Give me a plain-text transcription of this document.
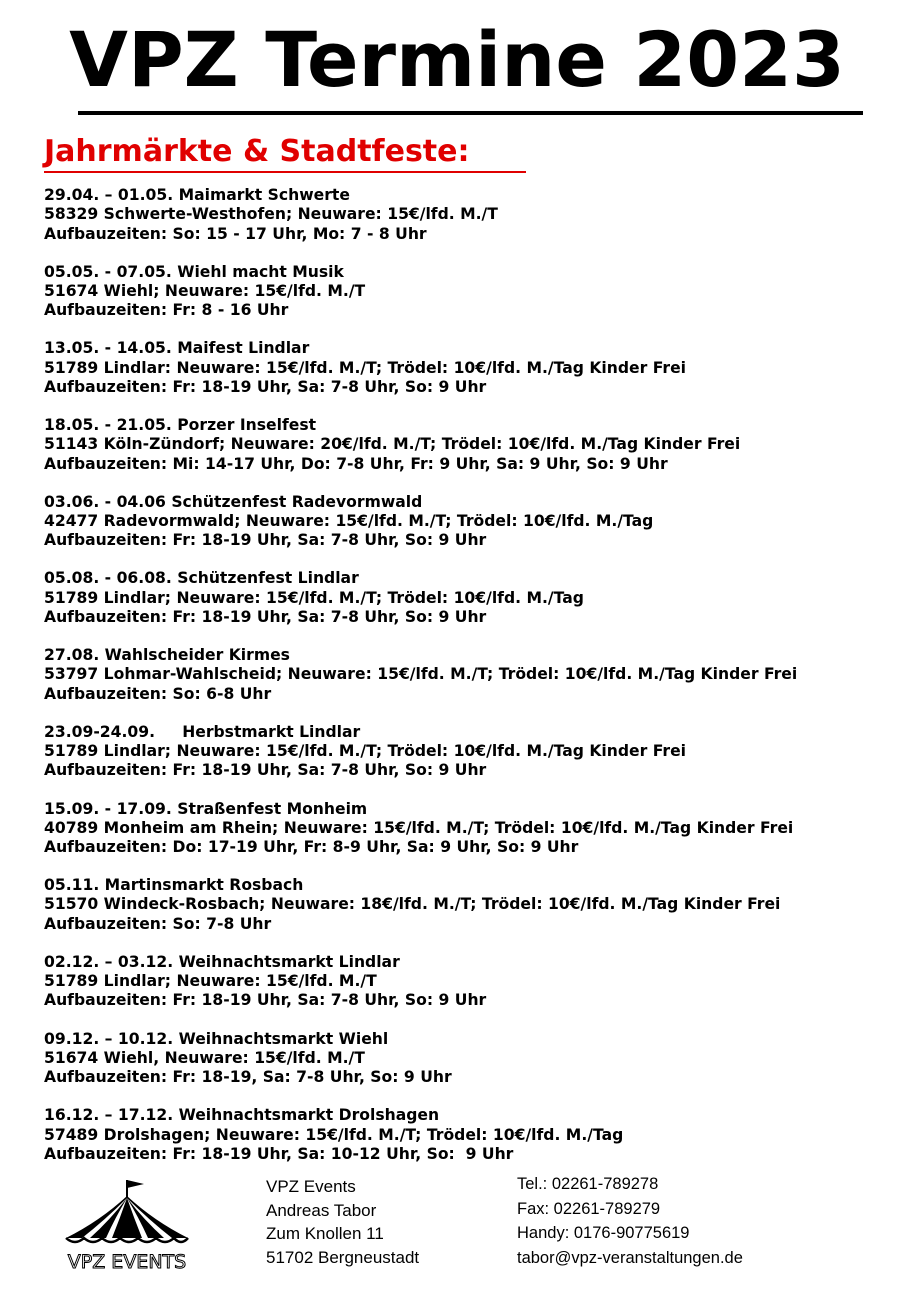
VPZ Termine 2023
Jahrmärkte & Stadtfeste:
29.04. – 01.05. Maimarkt Schwerte
58329 Schwerte-Westhofen; Neuware: 15€/lfd. M./T
Aufbauzeiten: So: 15 - 17 Uhr, Mo: 7 - 8 Uhr
05.05. - 07.05. Wiehl macht Musik
51674 Wiehl; Neuware: 15€/lfd. M./T
Aufbauzeiten: Fr: 8 - 16 Uhr
13.05. - 14.05. Maifest Lindlar
51789 Lindlar: Neuware: 15€/lfd. M./T; Trödel: 10€/lfd. M./Tag Kinder Frei
Aufbauzeiten: Fr: 18-19 Uhr, Sa: 7-8 Uhr, So: 9 Uhr
18.05. - 21.05. Porzer Inselfest
51143 Köln-Zündorf; Neuware: 20€/lfd. M./T; Trödel: 10€/lfd. M./Tag Kinder Frei
Aufbauzeiten: Mi: 14-17 Uhr, Do: 7-8 Uhr, Fr: 9 Uhr, Sa: 9 Uhr, So: 9 Uhr
03.06. - 04.06 Schützenfest Radevormwald
42477 Radevormwald; Neuware: 15€/lfd. M./T; Trödel: 10€/lfd. M./Tag
Aufbauzeiten: Fr: 18-19 Uhr, Sa: 7-8 Uhr, So: 9 Uhr
05.08. - 06.08. Schützenfest Lindlar
51789 Lindlar; Neuware: 15€/lfd. M./T; Trödel: 10€/lfd. M./Tag
Aufbauzeiten: Fr: 18-19 Uhr, Sa: 7-8 Uhr, So: 9 Uhr
27.08. Wahlscheider Kirmes
53797 Lohmar-Wahlscheid; Neuware: 15€/lfd. M./T; Trödel: 10€/lfd. M./Tag Kinder Frei
Aufbauzeiten: So: 6-8 Uhr
23.09-24.09.     Herbstmarkt Lindlar
51789 Lindlar; Neuware: 15€/lfd. M./T; Trödel: 10€/lfd. M./Tag Kinder Frei
Aufbauzeiten: Fr: 18-19 Uhr, Sa: 7-8 Uhr, So: 9 Uhr
15.09. - 17.09. Straßenfest Monheim
40789 Monheim am Rhein; Neuware: 15€/lfd. M./T; Trödel: 10€/lfd. M./Tag Kinder Frei
Aufbauzeiten: Do: 17-19 Uhr, Fr: 8-9 Uhr, Sa: 9 Uhr, So: 9 Uhr
05.11. Martinsmarkt Rosbach
51570 Windeck-Rosbach; Neuware: 18€/lfd. M./T; Trödel: 10€/lfd. M./Tag Kinder Frei
Aufbauzeiten: So: 7-8 Uhr
02.12. – 03.12. Weihnachtsmarkt Lindlar
51789 Lindlar; Neuware: 15€/lfd. M./T
Aufbauzeiten: Fr: 18-19 Uhr, Sa: 7-8 Uhr, So: 9 Uhr
09.12. – 10.12. Weihnachtsmarkt Wiehl
51674 Wiehl, Neuware: 15€/lfd. M./T
Aufbauzeiten: Fr: 18-19, Sa: 7-8 Uhr, So: 9 Uhr
16.12. – 17.12. Weihnachtsmarkt Drolshagen
57489 Drolshagen; Neuware: 15€/lfd. M./T; Trödel: 10€/lfd. M./Tag
Aufbauzeiten: Fr: 18-19 Uhr, Sa: 10-12 Uhr, So:  9 Uhr
VPZ EVENTS
VPZ Events
Andreas Tabor
Zum Knollen 11
51702 Bergneustadt
Tel.: 02261-789278
Fax: 02261-789279
Handy: 0176-90775619
tabor@vpz-veranstaltungen.de
